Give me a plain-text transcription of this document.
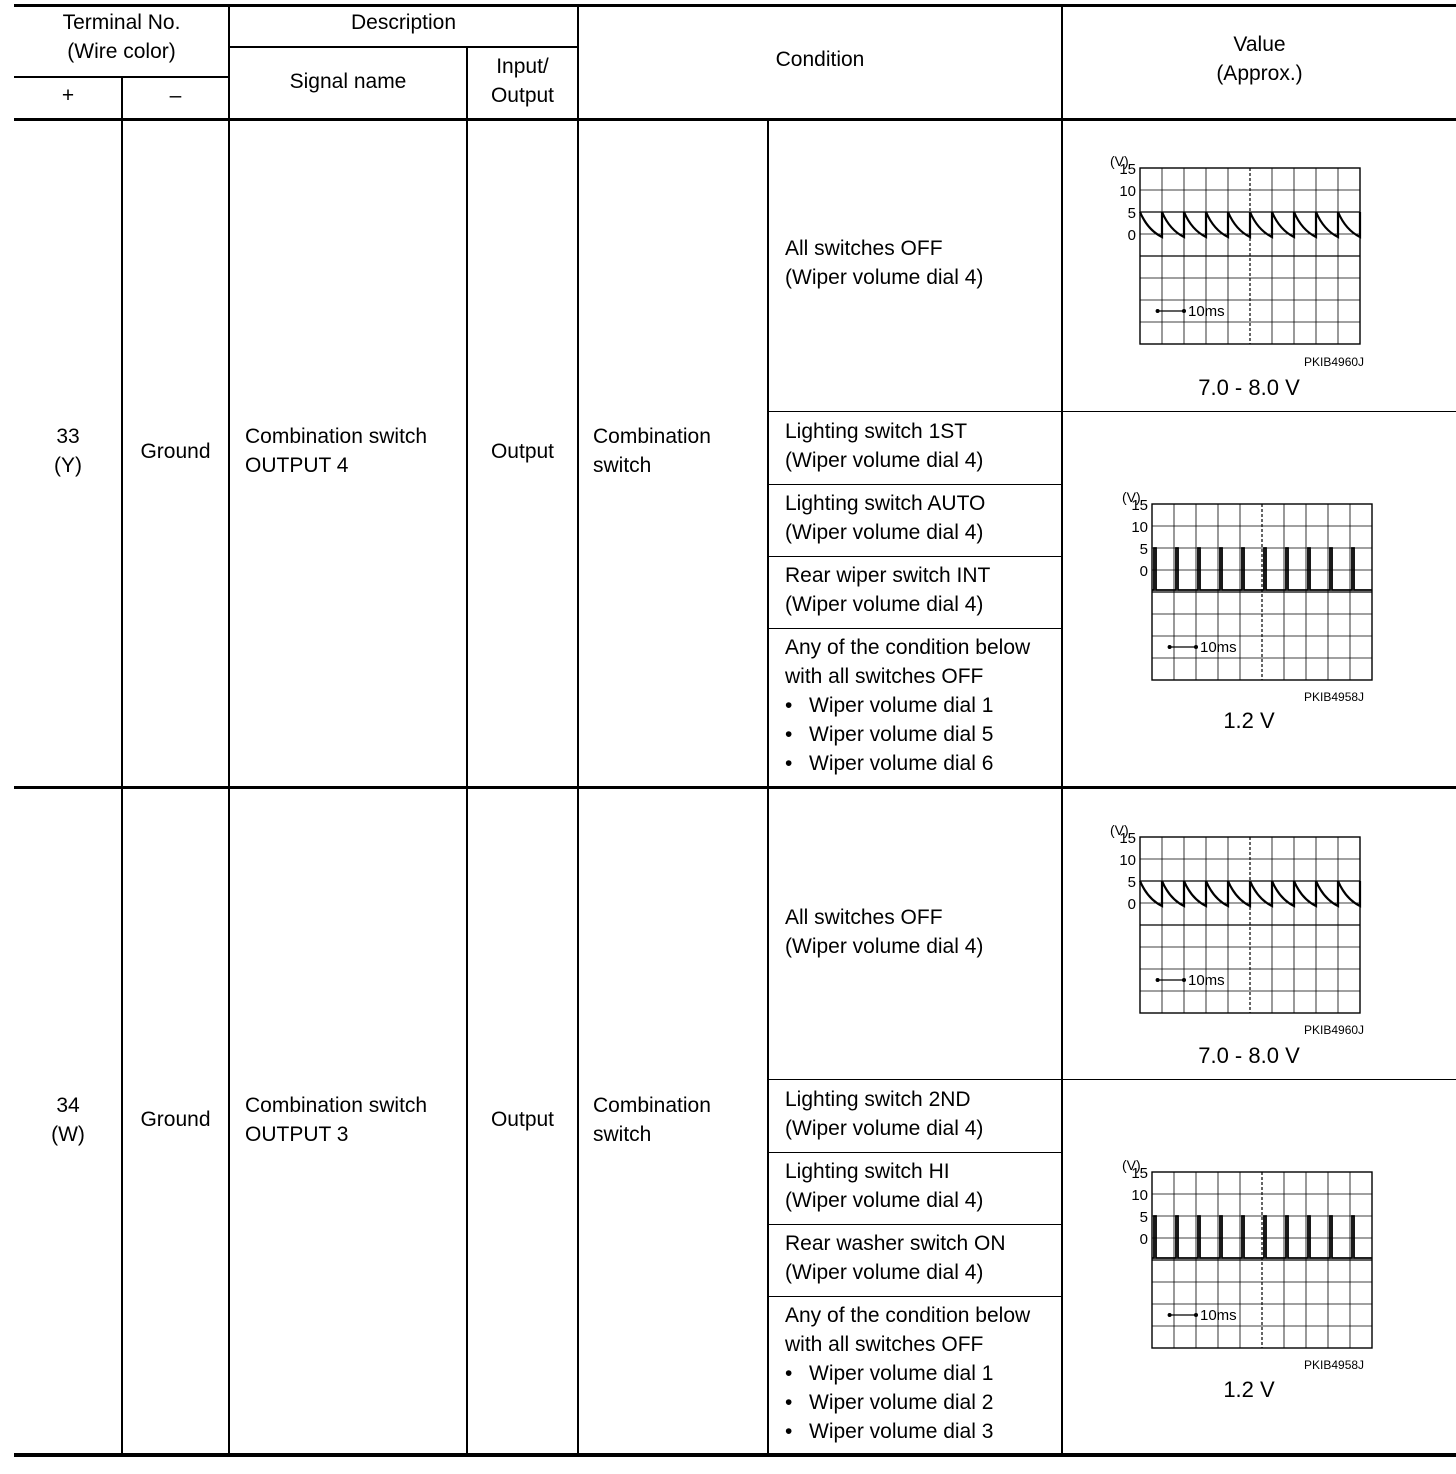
Terminal No.
(Wire color)
+	–
Description
Signal name
Input/
Output
Condition
Value
(Approx.)
33
(Y)
Ground
Combination switch
OUTPUT 4
Output
Combination
switch
All switches OFF
(Wiper volume dial 4)
Lighting switch 1ST
(Wiper volume dial 4)
Lighting switch AUTO
(Wiper volume dial 4)
Rear wiper switch INT
(Wiper volume dial 4)
Any of the condition below
with all switches OFF
• Wiper volume dial 1
• Wiper volume dial 5
• Wiper volume dial 6
(V)
15
10
5
0
10ms
PKIB4960J
7.0 - 8.0 V
(V)
15
10
5
0
10ms
PKIB4958J
1.2 V
34
(W)
Ground
Combination switch
OUTPUT 3
Output
Combination
switch
All switches OFF
(Wiper volume dial 4)
Lighting switch 2ND
(Wiper volume dial 4)
Lighting switch HI
(Wiper volume dial 4)
Rear washer switch ON
(Wiper volume dial 4)
Any of the condition below
with all switches OFF
• Wiper volume dial 1
• Wiper volume dial 2
• Wiper volume dial 3
(V)
15
10
5
0
10ms
PKIB4960J
7.0 - 8.0 V
(V)
15
10
5
0
10ms
PKIB4958J
1.2 V
